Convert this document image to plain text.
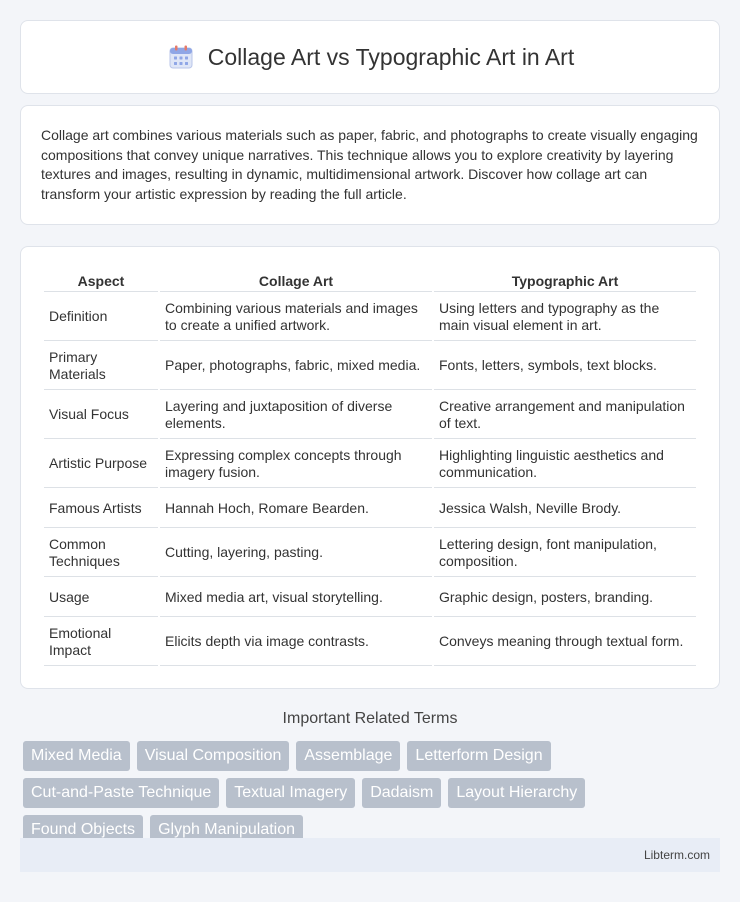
Collage Art vs Typographic Art in Art

Collage art combines various materials such as paper, fabric, and photographs to create visually engaging compositions that convey unique narratives. This technique allows you to explore creativity by layering textures and images, resulting in dynamic, multidimensional artwork. Discover how collage art can transform your artistic expression by reading the full article.

Aspect	Collage Art	Typographic Art
Definition	Combining various materials and images to create a unified artwork.	Using letters and typography as the main visual element in art.
Primary Materials	Paper, photographs, fabric, mixed media.	Fonts, letters, symbols, text blocks.
Visual Focus	Layering and juxtaposition of diverse elements.	Creative arrangement and manipulation of text.
Artistic Purpose	Expressing complex concepts through imagery fusion.	Highlighting linguistic aesthetics and communication.
Famous Artists	Hannah Hoch, Romare Bearden.	Jessica Walsh, Neville Brody.
Common Techniques	Cutting, layering, pasting.	Lettering design, font manipulation, composition.
Usage	Mixed media art, visual storytelling.	Graphic design, posters, branding.
Emotional Impact	Elicits depth via image contrasts.	Conveys meaning through textual form.
Important Related Terms
Mixed Media	Visual Composition	Assemblage	Letterform Design
Cut-and-Paste Technique	Textual Imagery	Dadaism	Layout Hierarchy
Found Objects	Glyph Manipulation
Libterm.com
